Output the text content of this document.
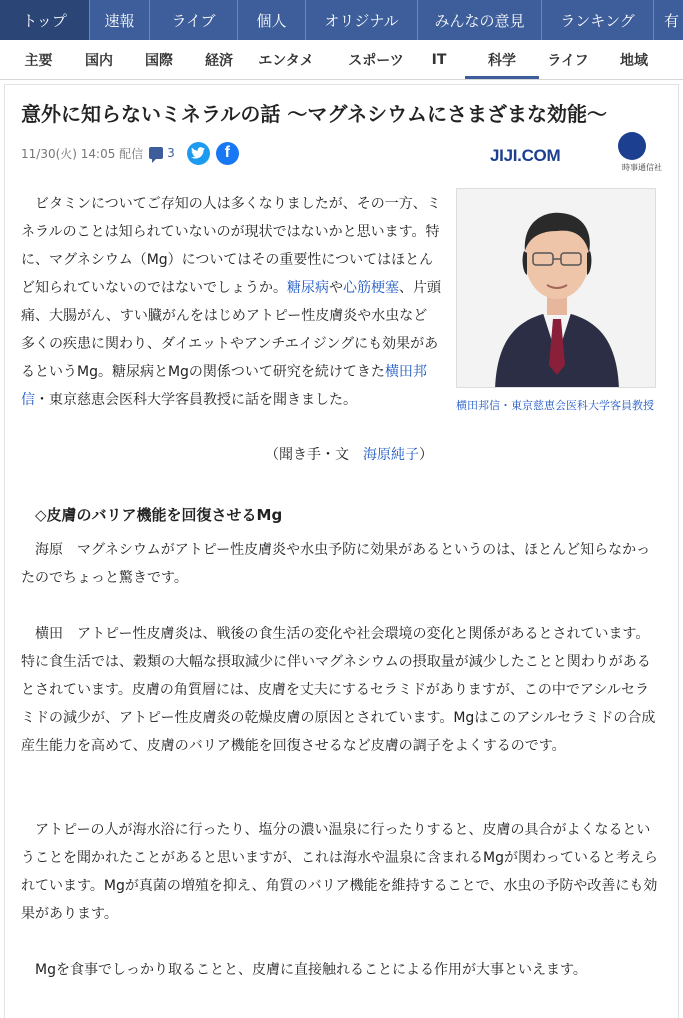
トップ	速報	ライブ	個人	オリジナル	みんなの意見	ランキング	有
主要	国内	国際	経済	エンタメ	スポーツ	IT	科学	ライフ	地域
意外に知らないミネラルの話 〜マグネシウムにさまざまな効能〜
11/30(火) 14:05 配信 3	f	JIJI.COM
時事通信社

ビタミンについてご存知の人は多くなりましたが、その一方、ミネラルのことは知られていないのが現状ではないかと思います。特に、マグネシウム（Mg）についてはその重要性についてはほとんど知られていないのではないでしょうか。糖尿病や心筋梗塞、片頭痛、大腸がん、すい臓がんをはじめアトピー性皮膚炎や水虫など多くの疾患に関わり、ダイエットやアンチエイジングにも効果があるというMg。糖尿病とMgの関係ついて研究を続けてきた横田邦信・東京慈恵会医科大学客員教授に話を聞きました。

（聞き手・文　海原純子）
横田邦信・東京慈恵会医科大学客員教授
◇皮膚のバリア機能を回復させるMg

海原　マグネシウムがアトピー性皮膚炎や水虫予防に効果があるというのは、ほとんど知らなかったのでちょっと驚きです。

横田　アトピー性皮膚炎は、戦後の食生活の変化や社会環境の変化と関係があるとされています。特に食生活では、穀類の大幅な摂取減少に伴いマグネシウムの摂取量が減少したことと関わりがあるとされています。皮膚の角質層には、皮膚を丈夫にするセラミドがありますが、この中でアシルセラミドの減少が、アトピー性皮膚炎の乾燥皮膚の原因とされています。Mgはこのアシルセラミドの合成産生能力を高めて、皮膚のバリア機能を回復させるなど皮膚の調子をよくするのです。

アトピーの人が海水浴に行ったり、塩分の濃い温泉に行ったりすると、皮膚の具合がよくなるということを聞かれたことがあると思いますが、これは海水や温泉に含まれるMgが関わっていると考えられています。Mgが真菌の増殖を抑え、角質のバリア機能を維持することで、水虫の予防や改善にも効果があります。

Mgを食事でしっかり取ることと、皮膚に直接触れることによる作用が大事といえます。
